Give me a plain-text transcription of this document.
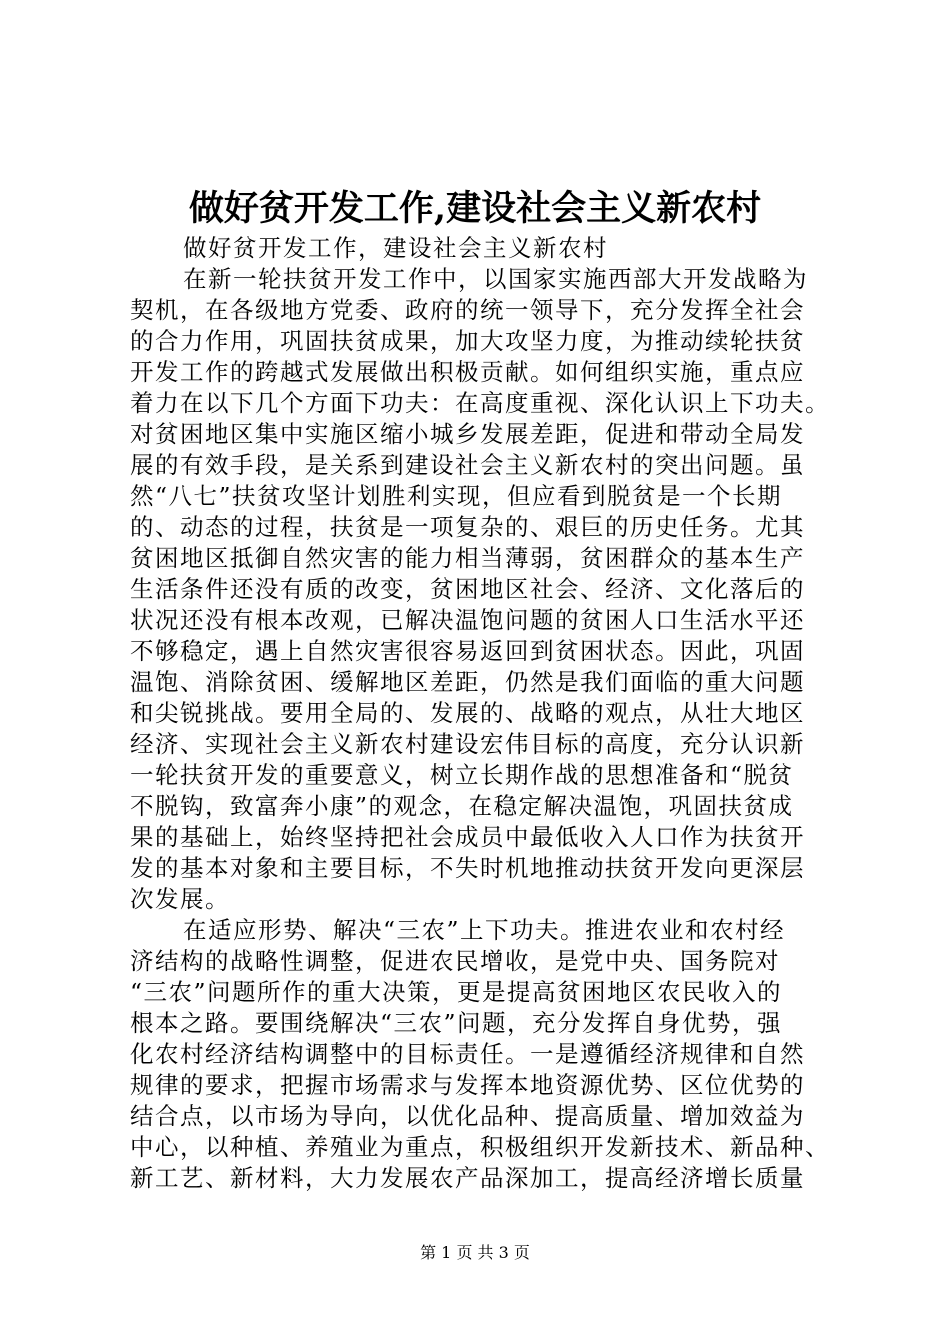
做好贫开发工作,建设社会主义新农村
做好贫开发工作，建设社会主义新农村
在新一轮扶贫开发工作中，以国家实施西部大开发战略为
契机，在各级地方党委、政府的统一领导下，充分发挥全社会
的合力作用，巩固扶贫成果，加大攻坚力度，为推动续轮扶贫
开发工作的跨越式发展做出积极贡献。如何组织实施，重点应
着力在以下几个方面下功夫：在高度重视、深化认识上下功夫。
对贫困地区集中实施区缩小城乡发展差距，促进和带动全局发
展的有效手段，是关系到建设社会主义新农村的突出问题。虽
然“八七”扶贫攻坚计划胜利实现，但应看到脱贫是一个长期
的、动态的过程，扶贫是一项复杂的、艰巨的历史任务。尤其
贫困地区抵御自然灾害的能力相当薄弱，贫困群众的基本生产
生活条件还没有质的改变，贫困地区社会、经济、文化落后的
状况还没有根本改观，已解决温饱问题的贫困人口生活水平还
不够稳定，遇上自然灾害很容易返回到贫困状态。因此，巩固
温饱、消除贫困、缓解地区差距，仍然是我们面临的重大问题
和尖锐挑战。要用全局的、发展的、战略的观点，从壮大地区
经济、实现社会主义新农村建设宏伟目标的高度，充分认识新
一轮扶贫开发的重要意义，树立长期作战的思想准备和“脱贫
不脱钩，致富奔小康”的观念，在稳定解决温饱，巩固扶贫成
果的基础上，始终坚持把社会成员中最低收入人口作为扶贫开
发的基本对象和主要目标，不失时机地推动扶贫开发向更深层
次发展。
在适应形势、解决“三农”上下功夫。推进农业和农村经
济结构的战略性调整，促进农民增收，是党中央、国务院对
“三农”问题所作的重大决策，更是提高贫困地区农民收入的
根本之路。要围绕解决“三农”问题，充分发挥自身优势，强
化农村经济结构调整中的目标责任。一是遵循经济规律和自然
规律的要求，把握市场需求与发挥本地资源优势、区位优势的
结合点，以市场为导向，以优化品种、提高质量、增加效益为
中心，以种植、养殖业为重点，积极组织开发新技术、新品种、
新工艺、新材料，大力发展农产品深加工，提高经济增长质量
第 1 页 共 3 页
